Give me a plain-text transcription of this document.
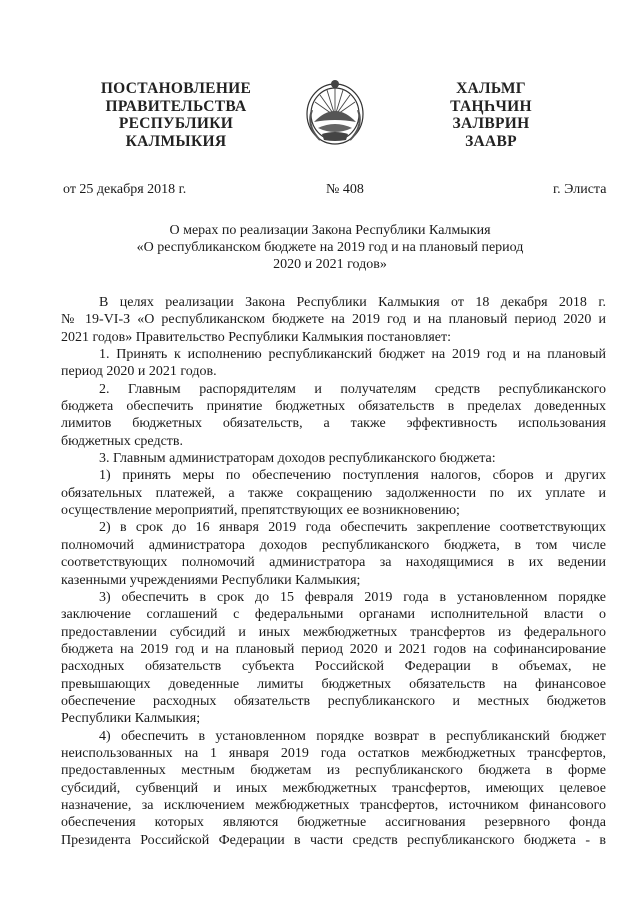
ПОСТАНОВЛЕНИЕ
ПРАВИТЕЛЬСТВА
РЕСПУБЛИКИ
КАЛМЫКИЯ
ХАЛЬМГ
ТАҢҺЧИН
ЗАЛВРИН
ЗААВР
от 25 декабря 2018 г.	№ 408	г. Элиста
О мерах по реализации Закона Республики Калмыкия
«О республиканском бюджете на 2019 год и на плановый период
2020 и 2021 годов»
В целях реализации Закона Республики Калмыкия от 18 декабря 2018 г.
№ 19-VI-З «О республиканском бюджете на 2019 год и на плановый период 2020 и
2021 годов» Правительство Республики Калмыкия постановляет:
1. Принять к исполнению республиканский бюджет на 2019 год и на плановый
период 2020 и 2021 годов.
2. Главным распорядителям и получателям средств республиканского
бюджета обеспечить принятие бюджетных обязательств в пределах доведенных
лимитов бюджетных обязательств, а также эффективность использования
бюджетных средств.
3. Главным администраторам доходов республиканского бюджета:
1) принять меры по обеспечению поступления налогов, сборов и других
обязательных платежей, а также сокращению задолженности по их уплате и
осуществление мероприятий, препятствующих ее возникновению;
2) в срок до 16 января 2019 года обеспечить закрепление соответствующих
полномочий администратора доходов республиканского бюджета, в том числе
соответствующих полномочий администратора за находящимися в их ведении
казенными учреждениями Республики Калмыкия;
3) обеспечить в срок до 15 февраля 2019 года в установленном порядке
заключение соглашений с федеральными органами исполнительной власти о
предоставлении субсидий и иных межбюджетных трансфертов из федерального
бюджета на 2019 год и на плановый период 2020 и 2021 годов на софинансирование
расходных обязательств субъекта Российской Федерации в объемах, не
превышающих доведенные лимиты бюджетных обязательств на финансовое
обеспечение расходных обязательств республиканского и местных бюджетов
Республики Калмыкия;
4) обеспечить в установленном порядке возврат в республиканский бюджет
неиспользованных на 1 января 2019 года остатков межбюджетных трансфертов,
предоставленных местным бюджетам из республиканского бюджета в форме
субсидий, субвенций и иных межбюджетных трансфертов, имеющих целевое
назначение, за исключением межбюджетных трансфертов, источником финансового
обеспечения которых являются бюджетные ассигнования резервного фонда
Президента Российской Федерации в части средств республиканского бюджета - в
